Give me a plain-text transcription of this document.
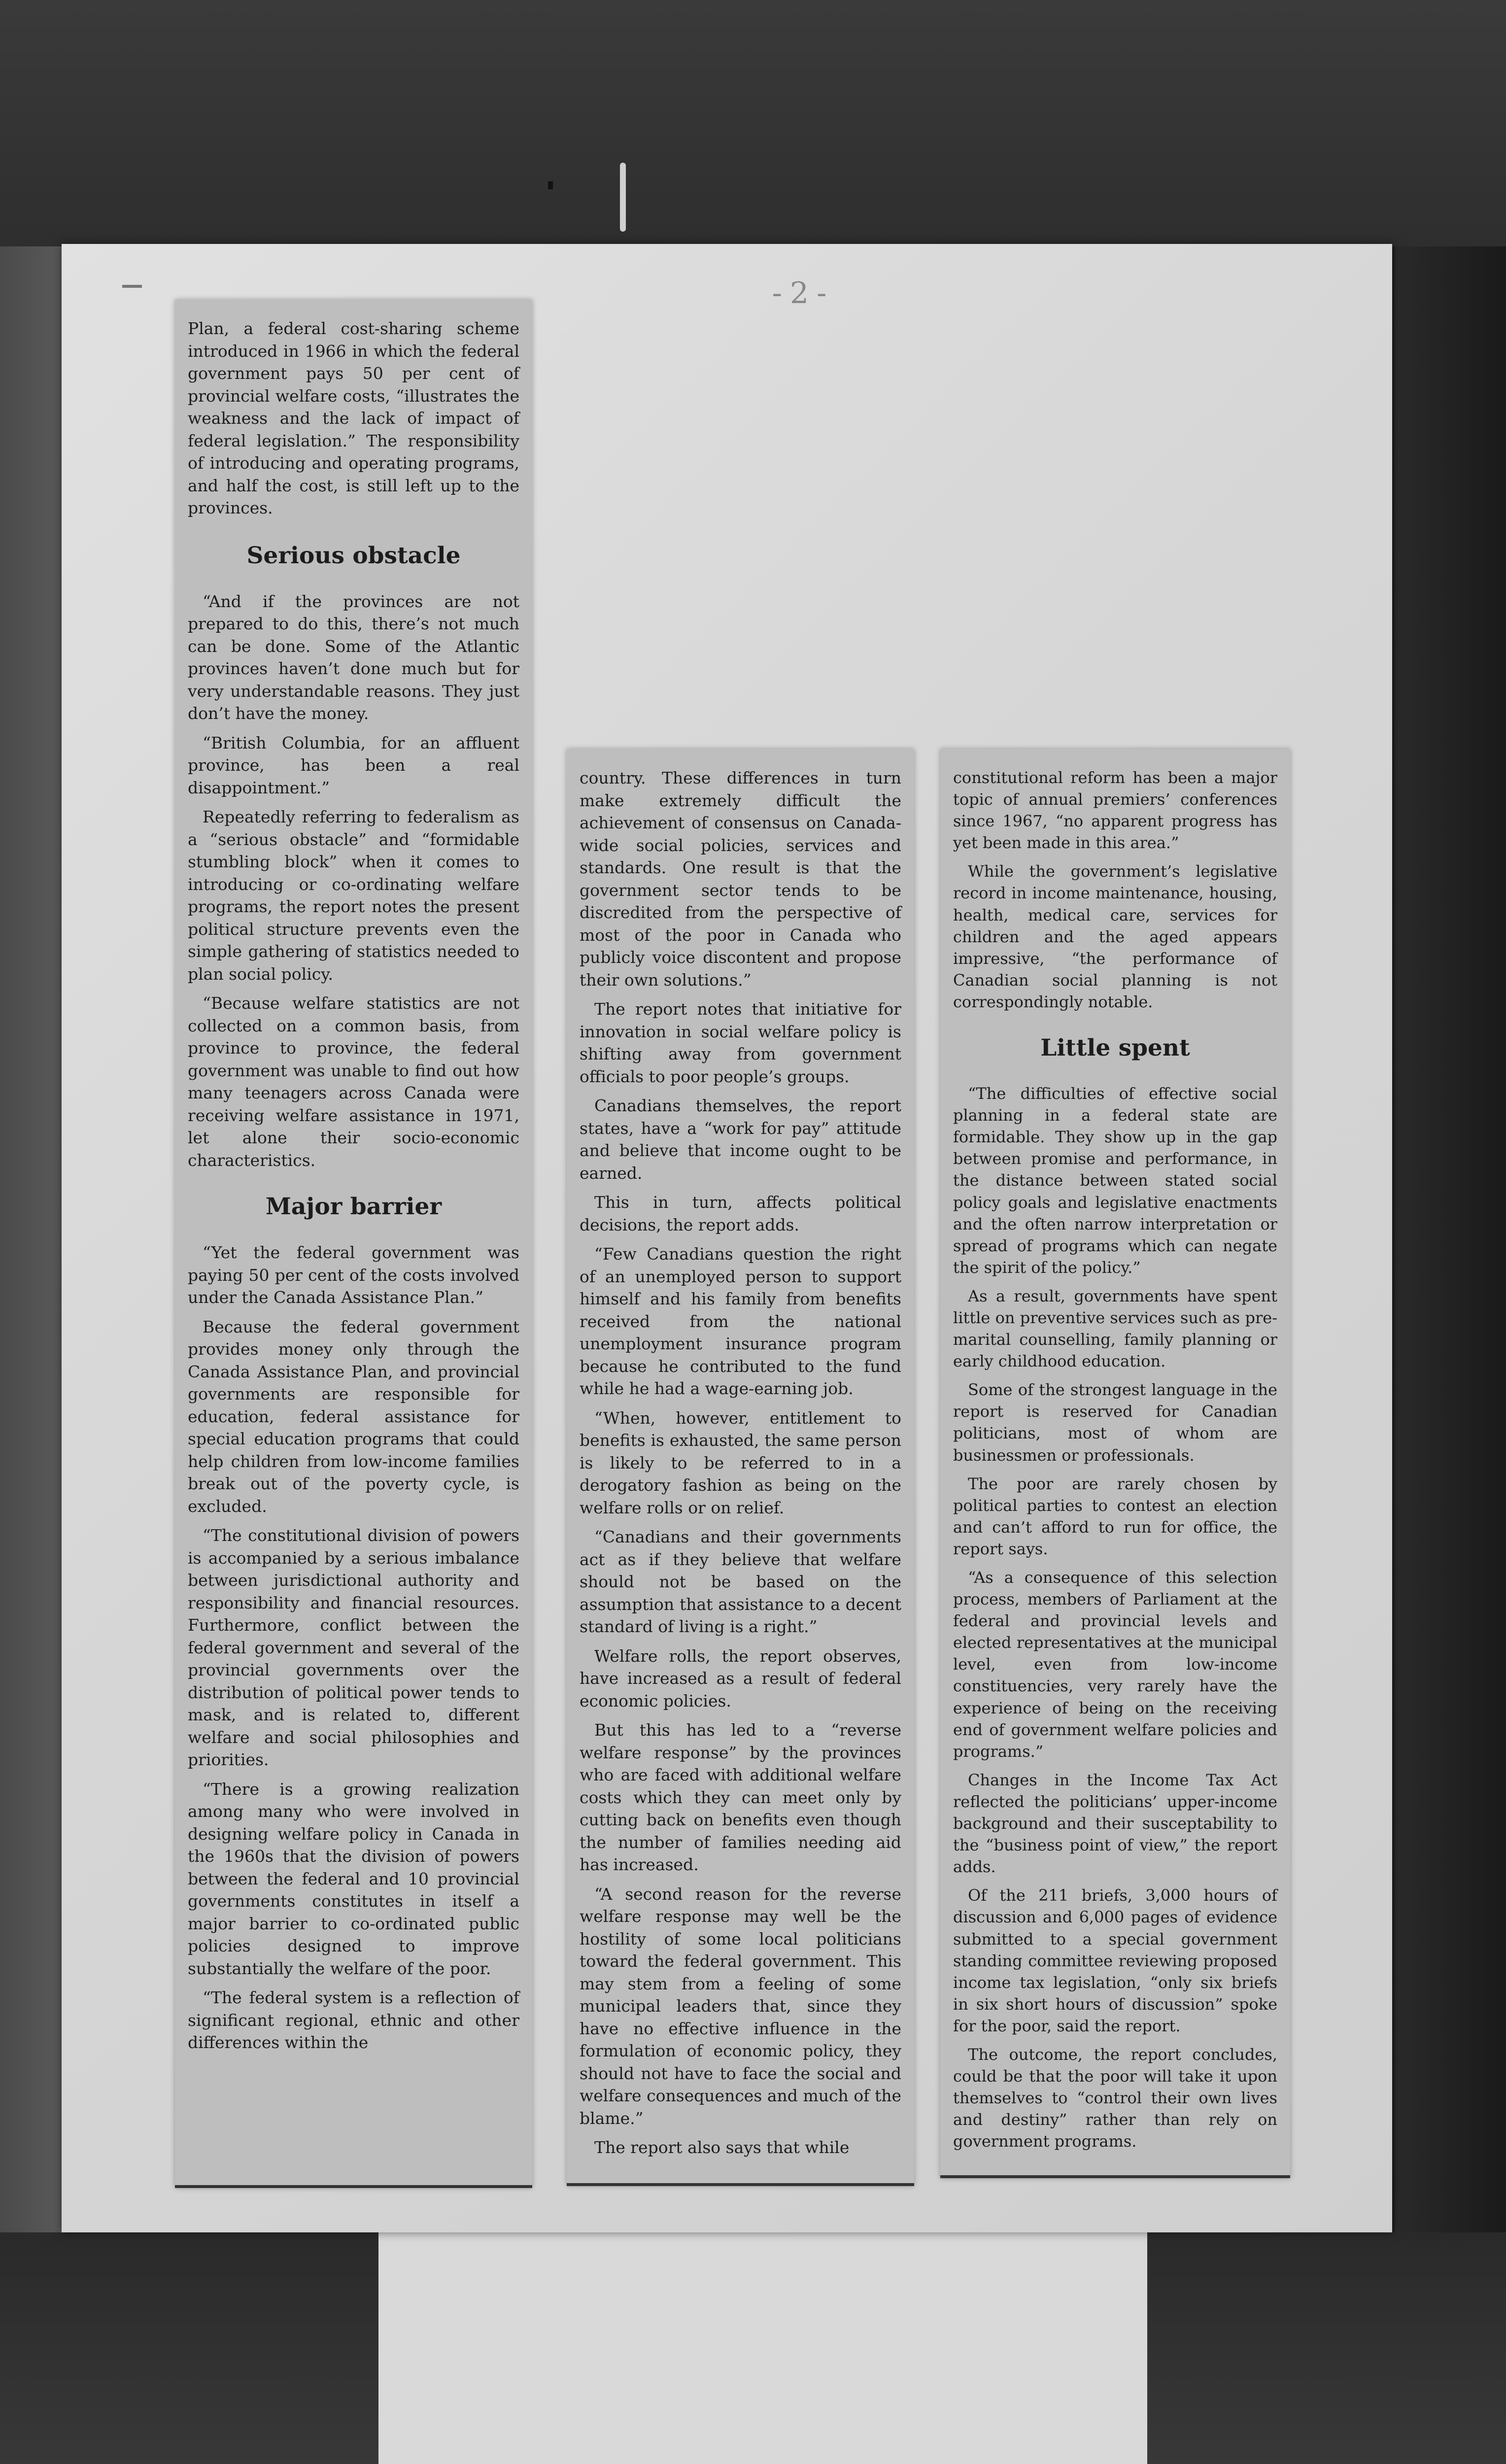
-2-

Plan, a federal cost-sharing scheme introduced in 1966 in which the federal government pays 50 per cent of provincial welfare costs, “illustrates the weakness and the lack of impact of federal legislation.” The responsibility of introducing and operating programs, and half the cost, is still left up to the provinces.

Serious obstacle

“And if the provinces are not prepared to do this, there’s not much can be done. Some of the Atlantic provinces haven’t done much but for very understandable reasons. They just don’t have the money.

“British Columbia, for an affluent province, has been a real disappointment.”

Repeatedly referring to federalism as a “serious obstacle” and “formidable stumbling block” when it comes to introducing or co-ordinating welfare programs, the report notes the present political structure prevents even the simple gathering of statistics needed to plan social policy.

“Because welfare statistics are not collected on a common basis, from province to province, the federal government was unable to find out how many teenagers across Canada were receiving welfare assistance in 1971, let alone their socio-economic characteristics.

Major barrier

“Yet the federal government was paying 50 per cent of the costs involved under the Canada Assistance Plan.”

Because the federal government provides money only through the Canada Assistance Plan, and provincial governments are responsible for education, federal assistance for special education programs that could help children from low-income families break out of the poverty cycle, is excluded.

“The constitutional division of powers is accompanied by a serious imbalance between jurisdictional authority and responsibility and financial resources. Furthermore, conflict between the federal government and several of the provincial governments over the distribution of political power tends to mask, and is related to, different welfare and social philosophies and priorities.

“There is a growing realization among many who were involved in designing welfare policy in Canada in the 1960s that the division of powers between the federal and 10 provincial governments constitutes in itself a major barrier to co-ordinated public policies designed to improve substantially the welfare of the poor.

“The federal system is a reflection of significant regional, ethnic and other differences within the

country. These differences in turn make extremely difficult the achievement of consensus on Canada-wide social policies, services and standards. One result is that the government sector tends to be discredited from the perspective of most of the poor in Canada who publicly voice discontent and propose their own solutions.”

The report notes that initiative for innovation in social welfare policy is shifting away from government officials to poor people’s groups.

Canadians themselves, the report states, have a “work for pay” attitude and believe that income ought to be earned.

This in turn, affects political decisions, the report adds.

“Few Canadians question the right of an unemployed person to support himself and his family from benefits received from the national unemployment insurance program because he contributed to the fund while he had a wage-earning job.

“When, however, entitlement to benefits is exhausted, the same person is likely to be referred to in a derogatory fashion as being on the welfare rolls or on relief.

“Canadians and their governments act as if they believe that welfare should not be based on the assumption that assistance to a decent standard of living is a right.”

Welfare rolls, the report observes, have increased as a result of federal economic policies.

But this has led to a “reverse welfare response” by the provinces who are faced with additional welfare costs which they can meet only by cutting back on benefits even though the number of families needing aid has increased.

“A second reason for the reverse welfare response may well be the hostility of some local politicians toward the federal government. This may stem from a feeling of some municipal leaders that, since they have no effective influence in the formulation of economic policy, they should not have to face the social and welfare consequences and much of the blame.”

The report also says that while

constitutional reform has been a major topic of annual premiers’ conferences since 1967, “no apparent progress has yet been made in this area.”

While the government’s legislative record in income maintenance, housing, health, medical care, services for children and the aged appears impressive, “the performance of Canadian social planning is not correspondingly notable.

Little spent

“The difficulties of effective social planning in a federal state are formidable. They show up in the gap between promise and performance, in the distance between stated social policy goals and legislative enactments and the often narrow interpretation or spread of programs which can negate the spirit of the policy.”

As a result, governments have spent little on preventive services such as pre-marital counselling, family planning or early childhood education.

Some of the strongest language in the report is reserved for Canadian politicians, most of whom are businessmen or professionals.

The poor are rarely chosen by political parties to contest an election and can’t afford to run for office, the report says.

“As a consequence of this selection process, members of Parliament at the federal and provincial levels and elected representatives at the municipal level, even from low-income constituencies, very rarely have the experience of being on the receiving end of government welfare policies and programs.”

Changes in the Income Tax Act reflected the politicians’ upper-income background and their susceptability to the “business point of view,” the report adds.

Of the 211 briefs, 3,000 hours of discussion and 6,000 pages of evidence submitted to a special government standing committee reviewing proposed income tax legislation, “only six briefs in six short hours of discussion” spoke for the poor, said the report.

The outcome, the report concludes, could be that the poor will take it upon themselves to “control their own lives and destiny” rather than rely on government programs.
